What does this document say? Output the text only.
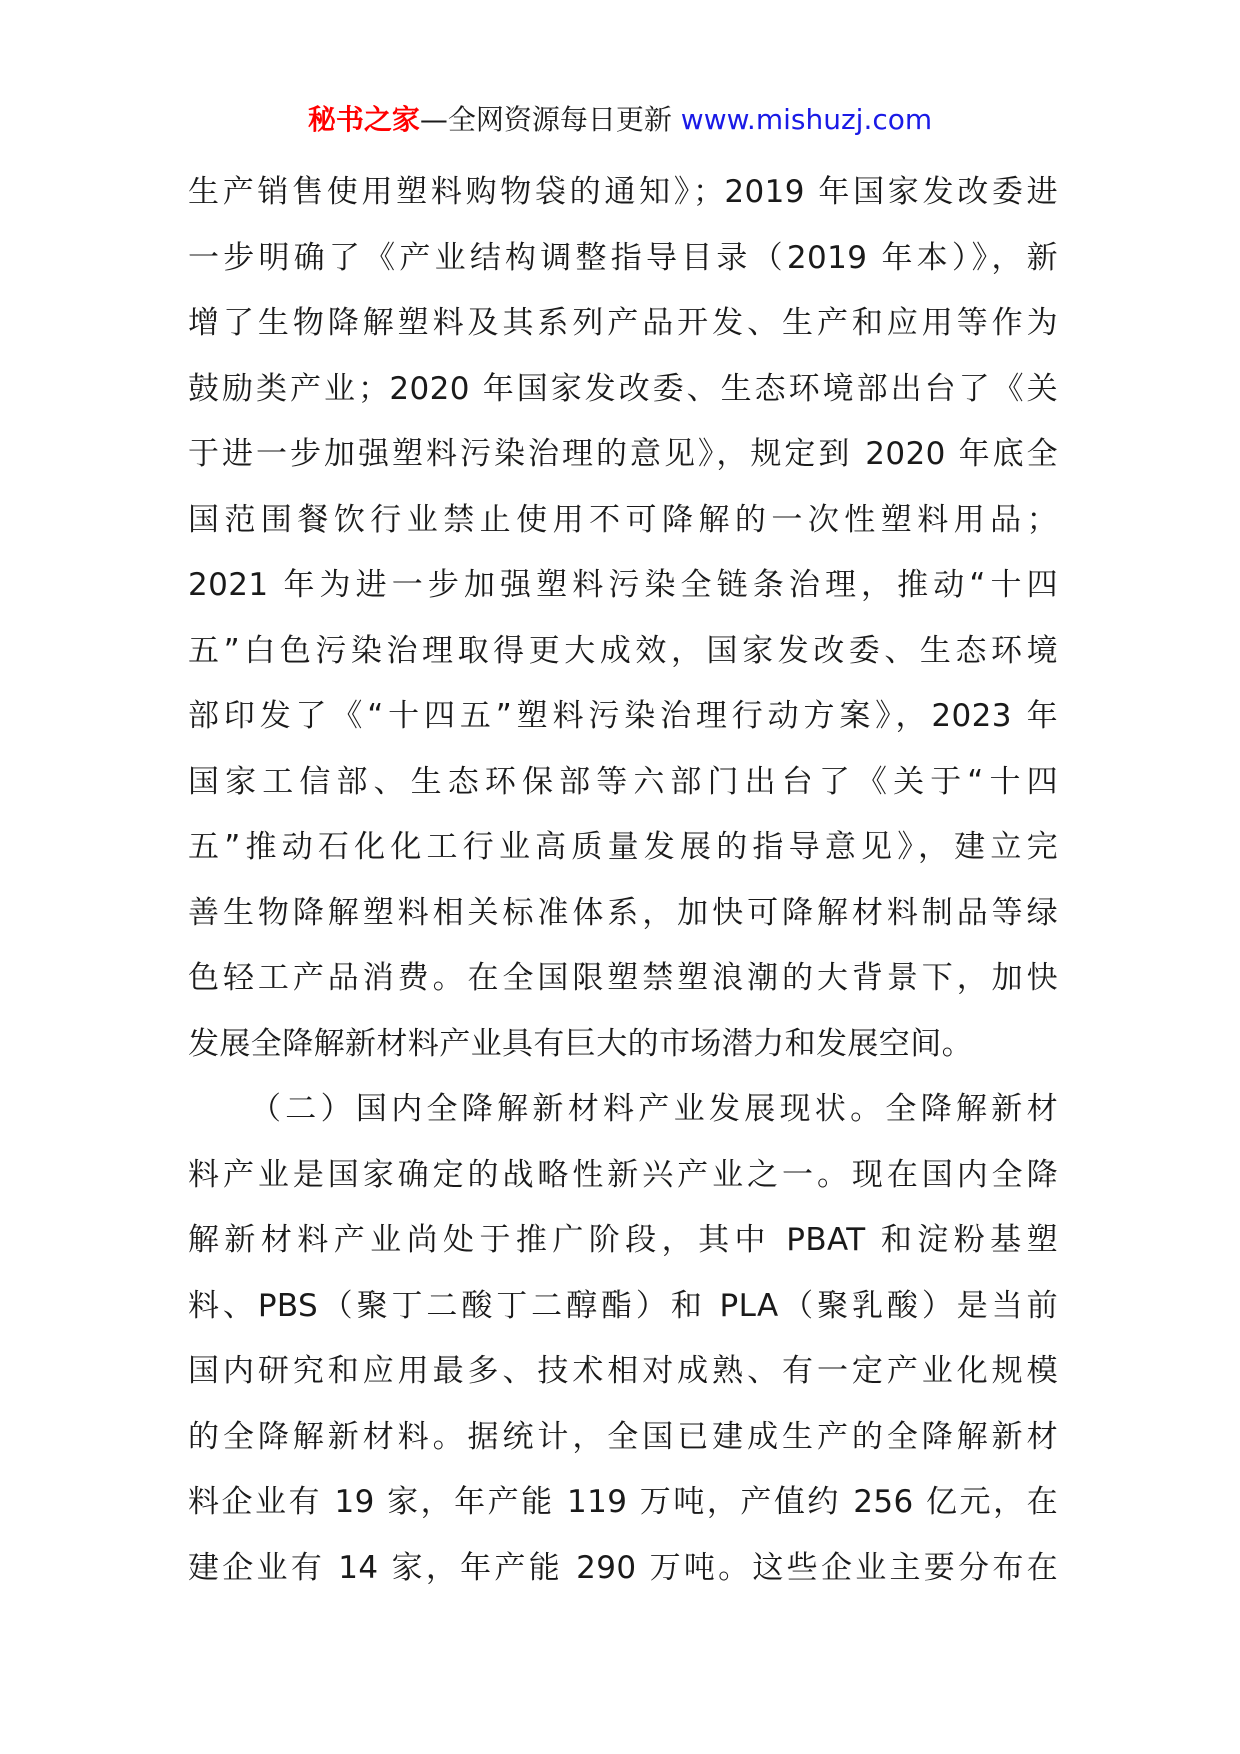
秘书之家—全网资源每日更新 www.mishuzj.com
生产销售使用塑料购物袋的通知》；2019 年国家发改委进
一步明确了《产业结构调整指导目录（2019 年本）》，新
增了生物降解塑料及其系列产品开发、生产和应用等作为
鼓励类产业；2020 年国家发改委、生态环境部出台了《关
于进一步加强塑料污染治理的意见》，规定到 2020 年底全
国范围餐饮行业禁止使用不可降解的一次性塑料用品；
2021 年为进一步加强塑料污染全链条治理，推动“十四
五”白色污染治理取得更大成效，国家发改委、生态环境
部印发了《“十四五”塑料污染治理行动方案》，2023 年
国家工信部、生态环保部等六部门出台了《关于“十四
五”推动石化化工行业高质量发展的指导意见》，建立完
善生物降解塑料相关标准体系，加快可降解材料制品等绿
色轻工产品消费。在全国限塑禁塑浪潮的大背景下，加快
发展全降解新材料产业具有巨大的市场潜力和发展空间。
（二）国内全降解新材料产业发展现状。全降解新材
料产业是国家确定的战略性新兴产业之一。现在国内全降
解新材料产业尚处于推广阶段，其中 PBAT 和淀粉基塑
料、PBS（聚丁二酸丁二醇酯）和 PLA（聚乳酸）是当前
国内研究和应用最多、技术相对成熟、有一定产业化规模
的全降解新材料。据统计，全国已建成生产的全降解新材
料企业有 19 家，年产能 119 万吨，产值约 256 亿元，在
建企业有 14 家，年产能 290 万吨。这些企业主要分布在
